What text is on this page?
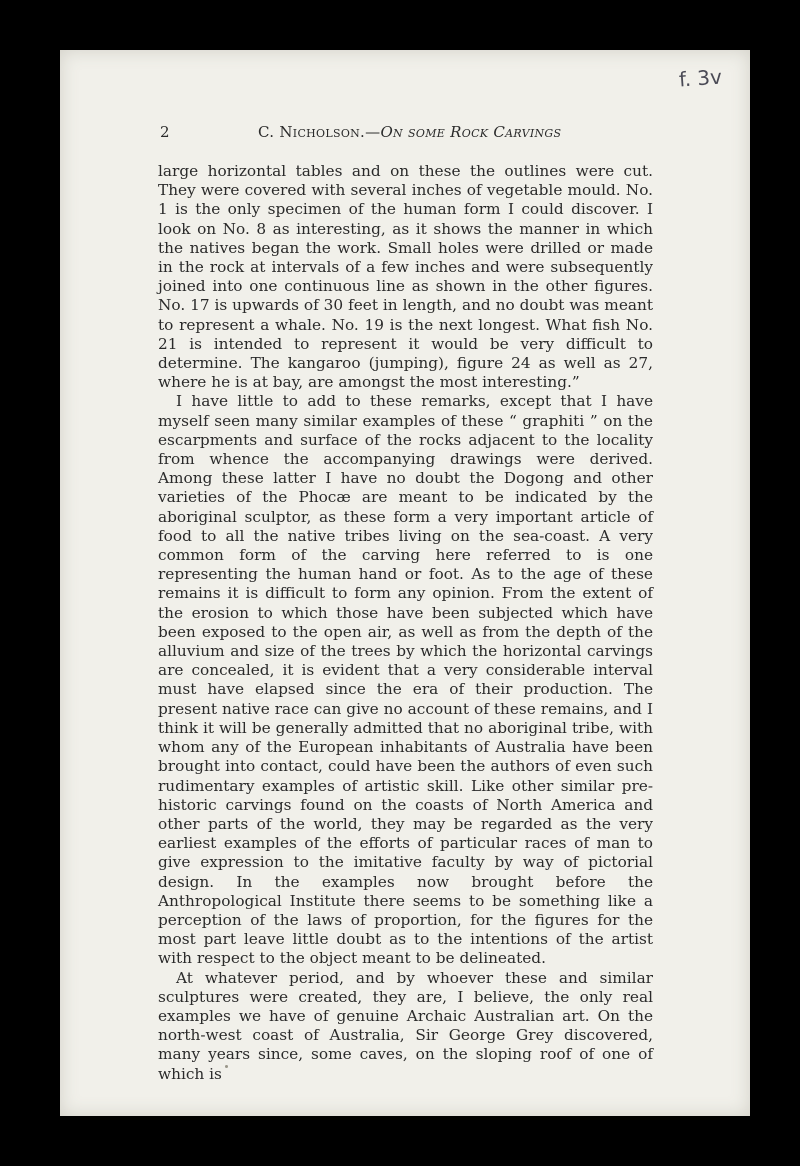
f. 3v
2	C. Nicholson.—On some Rock Carvings

large horizontal tables and on these the outlines were cut. They were covered with several inches of vegetable mould. No. 1 is the only specimen of the human form I could discover. I look on No. 8 as interesting, as it shows the manner in which the natives began the work. Small holes were drilled or made in the rock at intervals of a few inches and were subsequently joined into one continuous line as shown in the other figures. No. 17 is upwards of 30 feet in length, and no doubt was meant to represent a whale. No. 19 is the next longest. What fish No. 21 is intended to represent it would be very difficult to determine. The kangaroo (jumping), figure 24 as well as 27, where he is at bay, are amongst the most interesting.”

I have little to add to these remarks, except that I have myself seen many similar examples of these “ graphiti ” on the escarpments and surface of the rocks adjacent to the locality from whence the accompanying drawings were derived. Among these latter I have no doubt the Dogong and other varieties of the Phocæ are meant to be indicated by the aboriginal sculptor, as these form a very important article of food to all the native tribes living on the sea-coast. A very common form of the carving here referred to is one representing the human hand or foot. As to the age of these remains it is difficult to form any opinion. From the extent of the erosion to which those have been subjected which have been exposed to the open air, as well as from the depth of the alluvium and size of the trees by which the horizontal carvings are concealed, it is evident that a very considerable interval must have elapsed since the era of their production. The present native race can give no account of these remains, and I think it will be generally admitted that no aboriginal tribe, with whom any of the European inhabitants of Australia have been brought into contact, could have been the authors of even such rudimentary examples of artistic skill. Like other similar pre-historic carvings found on the coasts of North America and other parts of the world, they may be regarded as the very earliest examples of the efforts of particular races of man to give expression to the imitative faculty by way of pictorial design. In the examples now brought before the Anthropological Institute there seems to be something like a perception of the laws of proportion, for the figures for the most part leave little doubt as to the intentions of the artist with respect to the object meant to be delineated.

At whatever period, and by whoever these and similar sculptures were created, they are, I believe, the only real examples we have of genuine Archaic Australian art. On the north-west coast of Australia, Sir George Grey discovered, many years since, some caves, on the sloping roof of one of which is
